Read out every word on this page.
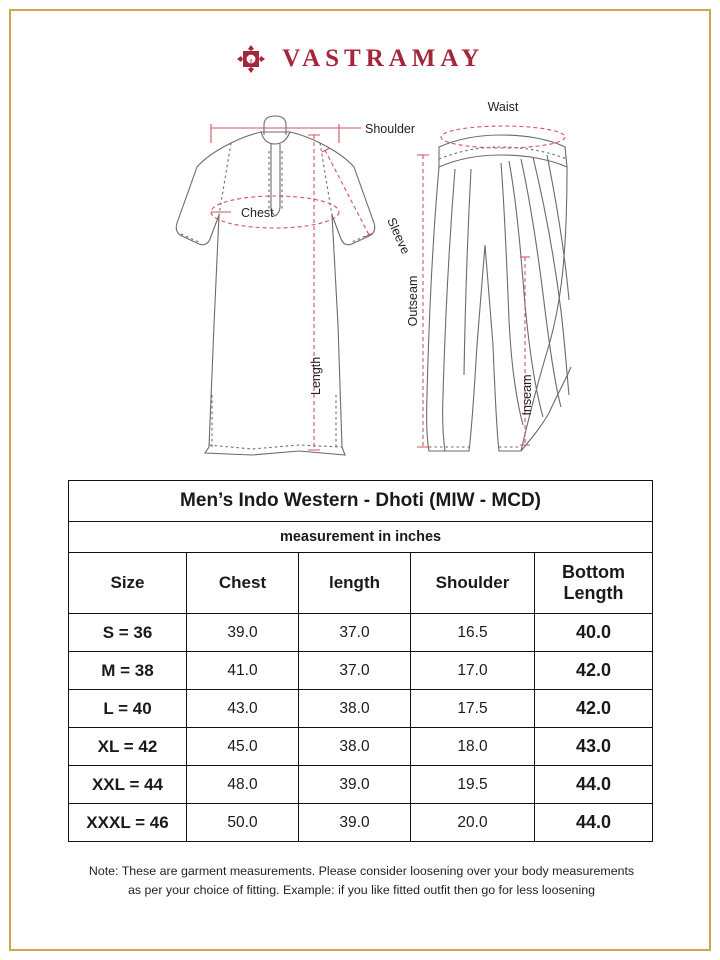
a VASTRAMAY
Shoulder
Chest
Sleeve
Length
Waist
Outseam
Inseam
Men’s Indo Western - Dhoti (MIW - MCD)				
measurement in inches				
Size	Chest	length	Shoulder	Bottom
Length

S = 36	39.0	37.0	16.5	40.0
M = 38	41.0	37.0	17.0	42.0
L = 40	43.0	38.0	17.5	42.0
XL = 42	45.0	38.0	18.0	43.0
XXL = 44	48.0	39.0	19.5	44.0
XXXL = 46	50.0	39.0	20.0	44.0
Note: These are garment measurements. Please consider loosening over your body measurements
as per your choice of fitting. Example: if you like fitted outfit then go for less loosening
